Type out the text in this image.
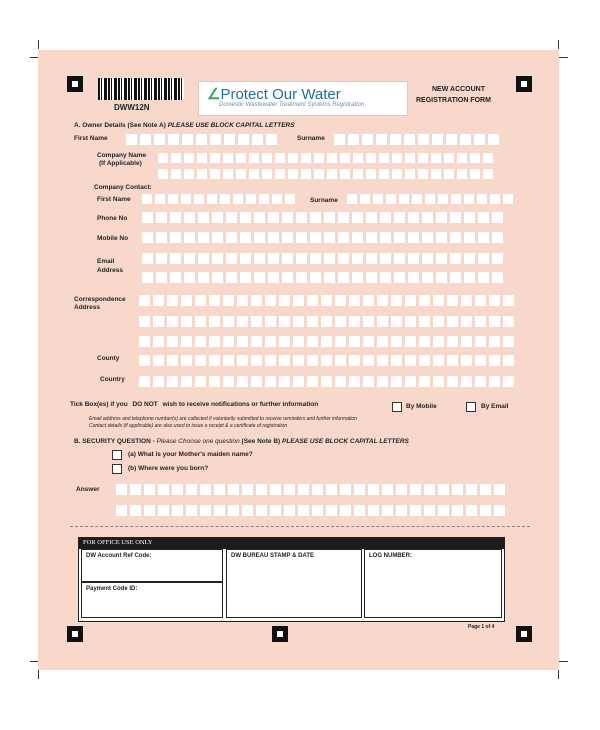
DWW12N
∠Protect Our Water
Domestic Wastewater Treatment Systems Registration
NEW ACCOUNT
REGISTRATION FORM
A. Owner Details (See Note A) PLEASE USE BLOCK CAPITAL LETTERS
First Name	Surname
Company Name
(If Applicable)
Company Contact:
First Name	Surname
Phone No
Mobile No
Email
Address
Correspondence
Address
County
Country
Tick Box(es) if you DO NOT wish to receive notifications or further information	By Mobile	By Email
Email address and telephone number(s) are collected if voluntarily submitted to receive reminders and further information
Contact details (if applicable) are also used to issue a receipt & a certificate of registration
B. SECURITY QUESTION - Please Choose one question (See Note B) PLEASE USE BLOCK CAPITAL LETTERS
(a) What is your Mother's maiden name?
(b) Where were you born?
Answer
FOR OFFICE USE ONLY
DW Account Ref Code:
Payment Code ID:
DW BUREAU STAMP & DATE	LOG NUMBER:
Page 1 of 4
